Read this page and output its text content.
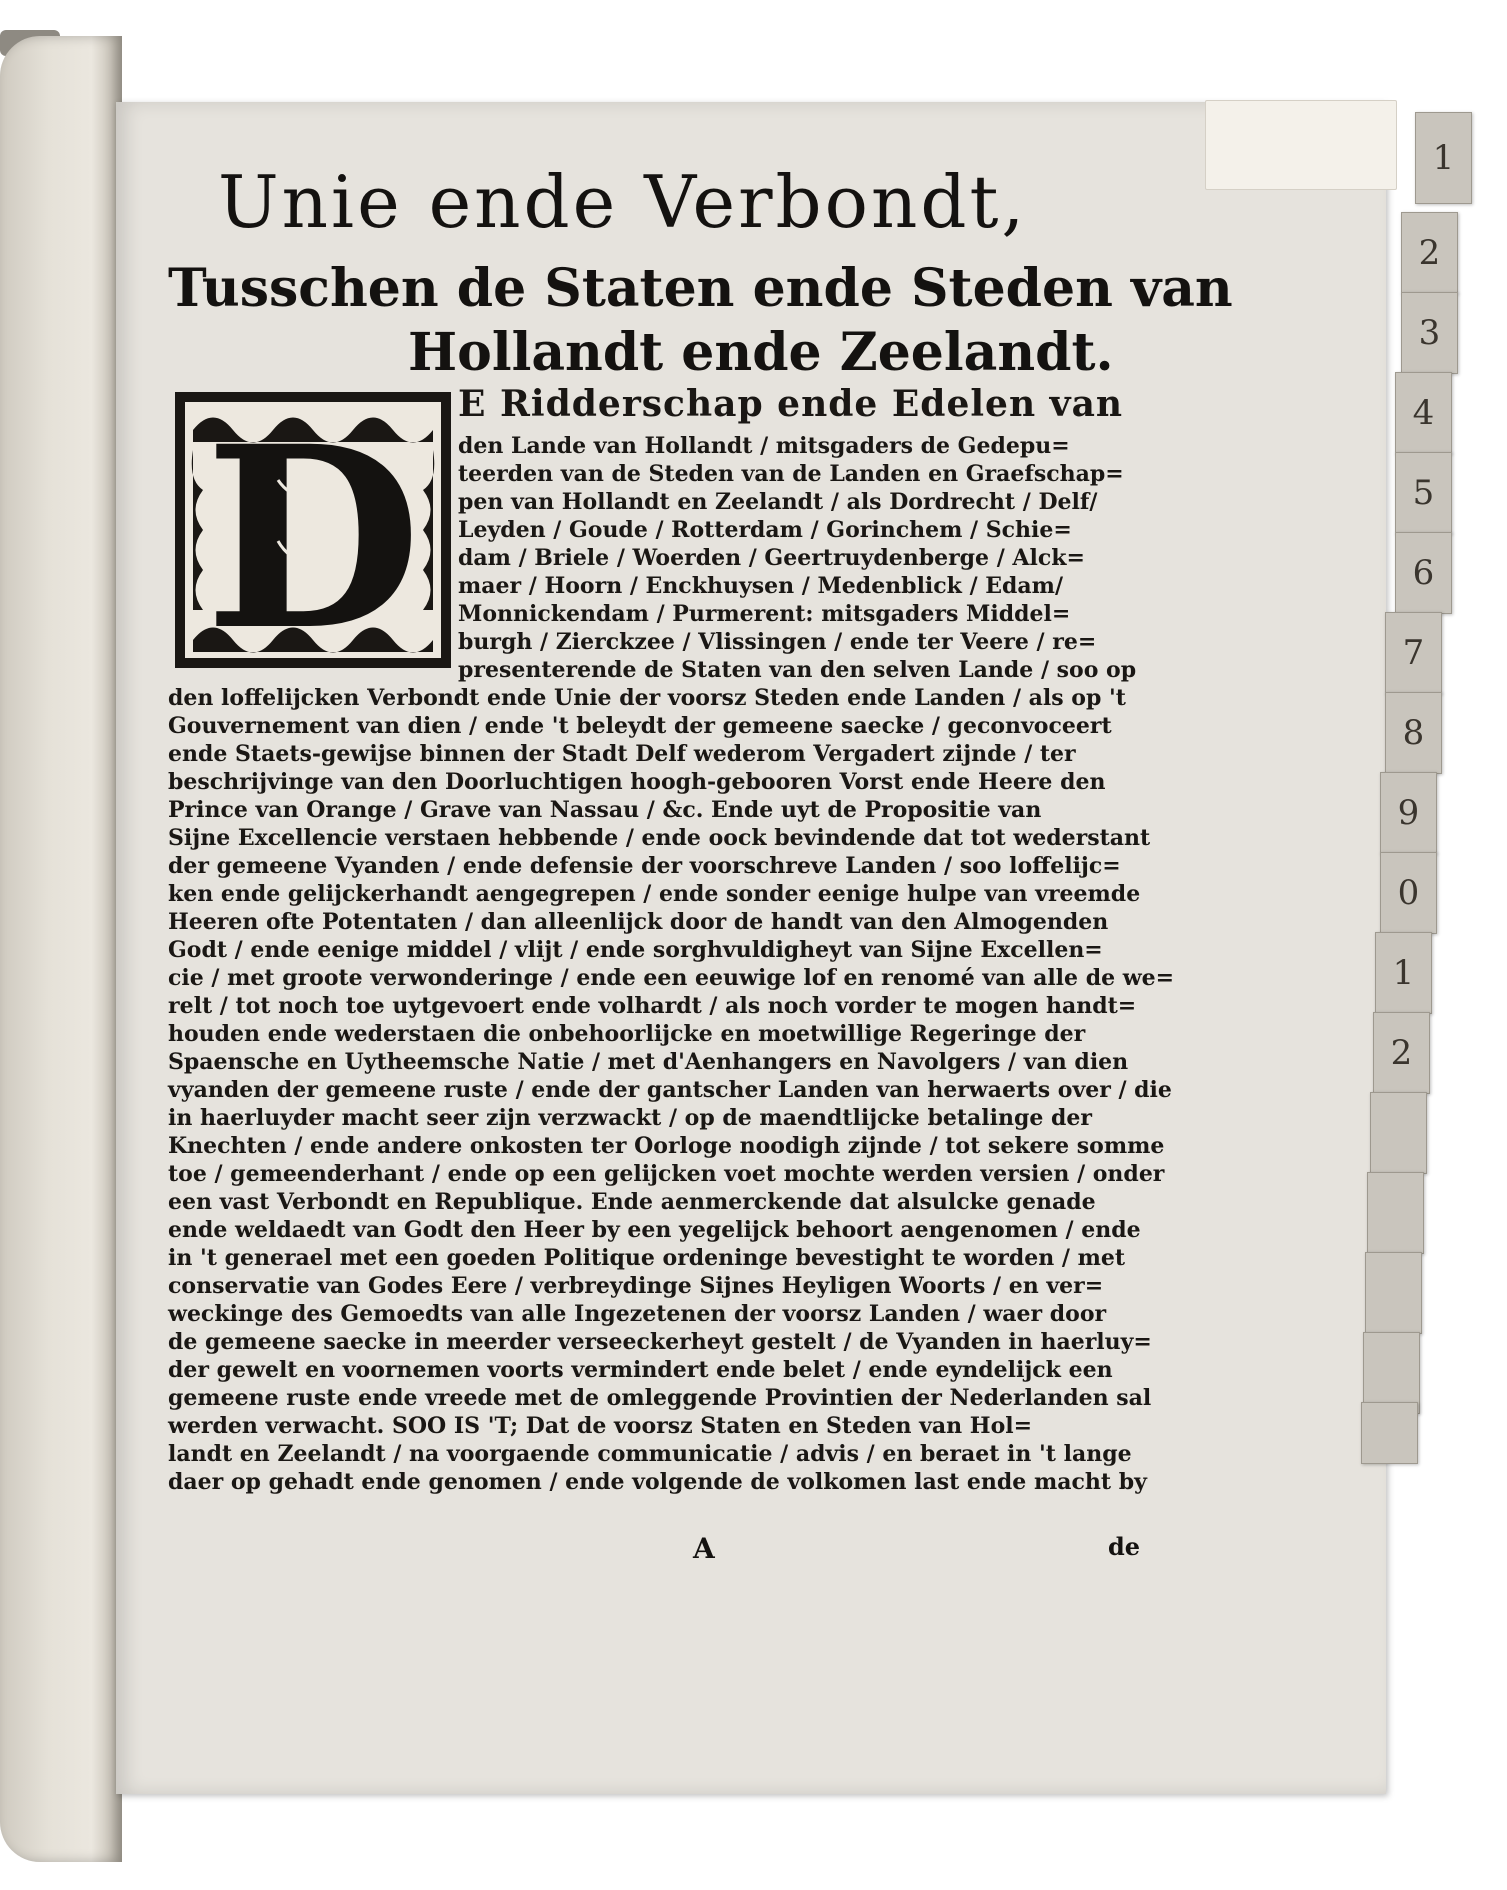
1
2
3
4
5
6
7
8
9
0
1
2
Unie ende Verbondt,
Tusschen de Staten ende Steden van
Hollandt ende Zeelandt.
D E Ridderschap ende Edelen van
den Lande van Hollandt / mitsgaders de Gedepu=
teerden van de Steden van de Landen en Graefschap=
pen van Hollandt en Zeelandt / als Dordrecht / Delf/
Leyden / Goude / Rotterdam / Gorinchem / Schie=
dam / Briele / Woerden / Geertruydenberge / Alck=
maer / Hoorn / Enckhuysen / Medenblick / Edam/
Monnickendam / Purmerent: mitsgaders Middel=
burgh / Zierckzee / Vlissingen / ende ter Veere / re=
presenterende de Staten van den selven Lande / soo op
den loffelijcken Verbondt ende Unie der voorsz Steden ende Landen / als op 't
Gouvernement van dien / ende 't beleydt der gemeene saecke / geconvoceert
ende Staets-gewijse binnen der Stadt Delf wederom Vergadert zijnde / ter
beschrijvinge van den Doorluchtigen hoogh-gebooren Vorst ende Heere den
Prince van Orange / Grave van Nassau / &c. Ende uyt de Propositie van
Sijne Excellencie verstaen hebbende / ende oock bevindende dat tot wederstant
der gemeene Vyanden / ende defensie der voorschreve Landen / soo loffelijc=
ken ende gelijckerhandt aengegrepen / ende sonder eenige hulpe van vreemde
Heeren ofte Potentaten / dan alleenlijck door de handt van den Almogenden
Godt / ende eenige middel / vlijt / ende sorghvuldigheyt van Sijne Excellen=
cie / met groote verwonderinge / ende een eeuwige lof en renomé van alle de we=
relt / tot noch toe uytgevoert ende volhardt / als noch vorder te mogen handt=
houden ende wederstaen die onbehoorlijcke en moetwillige Regeringe der
Spaensche en Uytheemsche Natie / met d'Aenhangers en Navolgers / van dien
vyanden der gemeene ruste / ende der gantscher Landen van herwaerts over / die
in haerluyder macht seer zijn verzwackt / op de maendtlijcke betalinge der
Knechten / ende andere onkosten ter Oorloge noodigh zijnde / tot sekere somme
toe / gemeenderhant / ende op een gelijcken voet mochte werden versien / onder
een vast Verbondt en Republique. Ende aenmerckende dat alsulcke genade
ende weldaedt van Godt den Heer by een yegelijck behoort aengenomen / ende
in 't generael met een goeden Politique ordeninge bevestight te worden / met
conservatie van Godes Eere / verbreydinge Sijnes Heyligen Woorts / en ver=
weckinge des Gemoedts van alle Ingezetenen der voorsz Landen / waer door
de gemeene saecke in meerder verseeckerheyt gestelt / de Vyanden in haerluy=
der gewelt en voornemen voorts vermindert ende belet / ende eyndelijck een
gemeene ruste ende vreede met de omleggende Provintien der Nederlanden sal
werden verwacht. SOO IS 'T; Dat de voorsz Staten en Steden van Hol=
landt en Zeelandt / na voorgaende communicatie / advis / en beraet in 't lange
daer op gehadt ende genomen / ende volgende de volkomen last ende macht by
A	de
